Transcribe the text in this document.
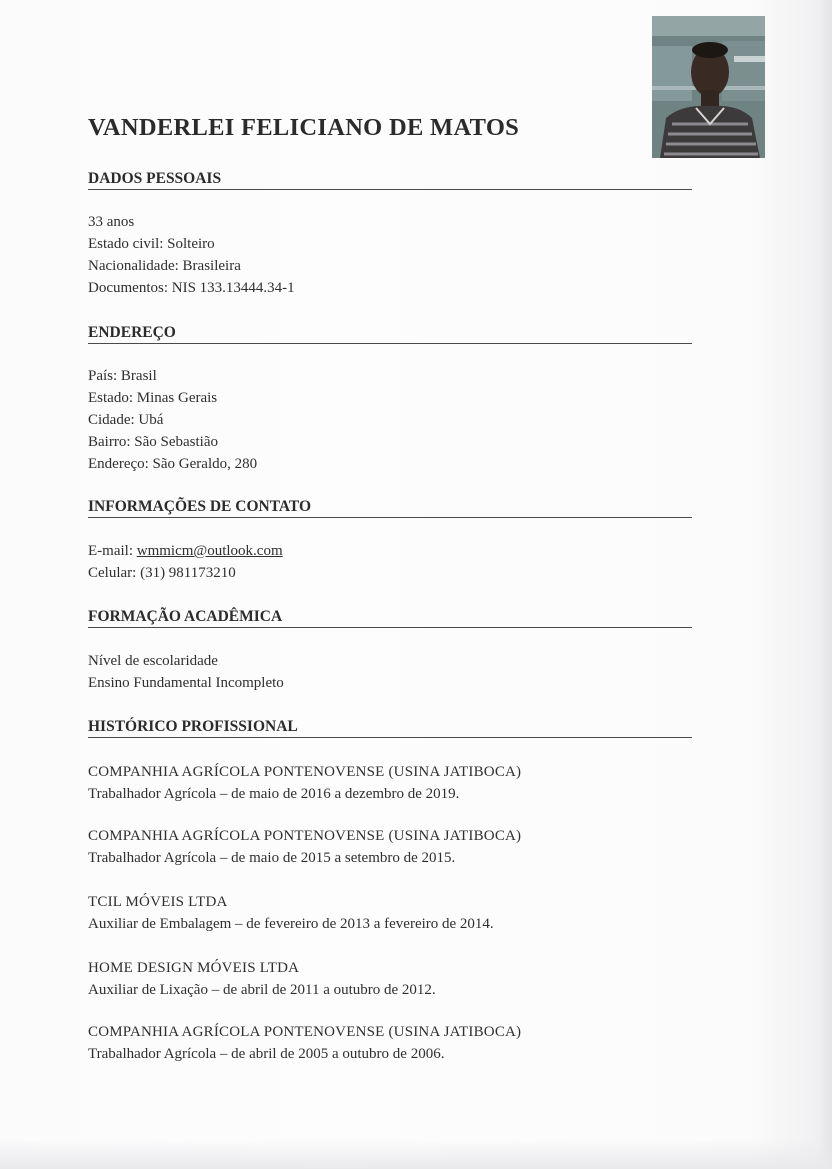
VANDERLEI FELICIANO DE MATOS
DADOS PESSOAIS
33 anos
Estado civil: Solteiro
Nacionalidade: Brasileira
Documentos: NIS 133.13444.34-1
ENDEREÇO
País: Brasil
Estado: Minas Gerais
Cidade: Ubá
Bairro: São Sebastião
Endereço: São Geraldo, 280
INFORMAÇÕES DE CONTATO
E-mail: wmmicm@outlook.com
Celular: (31) 981173210
FORMAÇÃO ACADÊMICA
Nível de escolaridade
Ensino Fundamental Incompleto
HISTÓRICO PROFISSIONAL
COMPANHIA AGRÍCOLA PONTENOVENSE (USINA JATIBOCA)
Trabalhador Agrícola – de maio de 2016 a dezembro de 2019.
COMPANHIA AGRÍCOLA PONTENOVENSE (USINA JATIBOCA)
Trabalhador Agrícola – de maio de 2015 a setembro de 2015.
TCIL MÓVEIS LTDA
Auxiliar de Embalagem – de fevereiro de 2013 a fevereiro de 2014.
HOME DESIGN MÓVEIS LTDA
Auxiliar de Lixação – de abril de 2011 a outubro de 2012.
COMPANHIA AGRÍCOLA PONTENOVENSE (USINA JATIBOCA)
Trabalhador Agrícola – de abril de 2005 a outubro de 2006.
